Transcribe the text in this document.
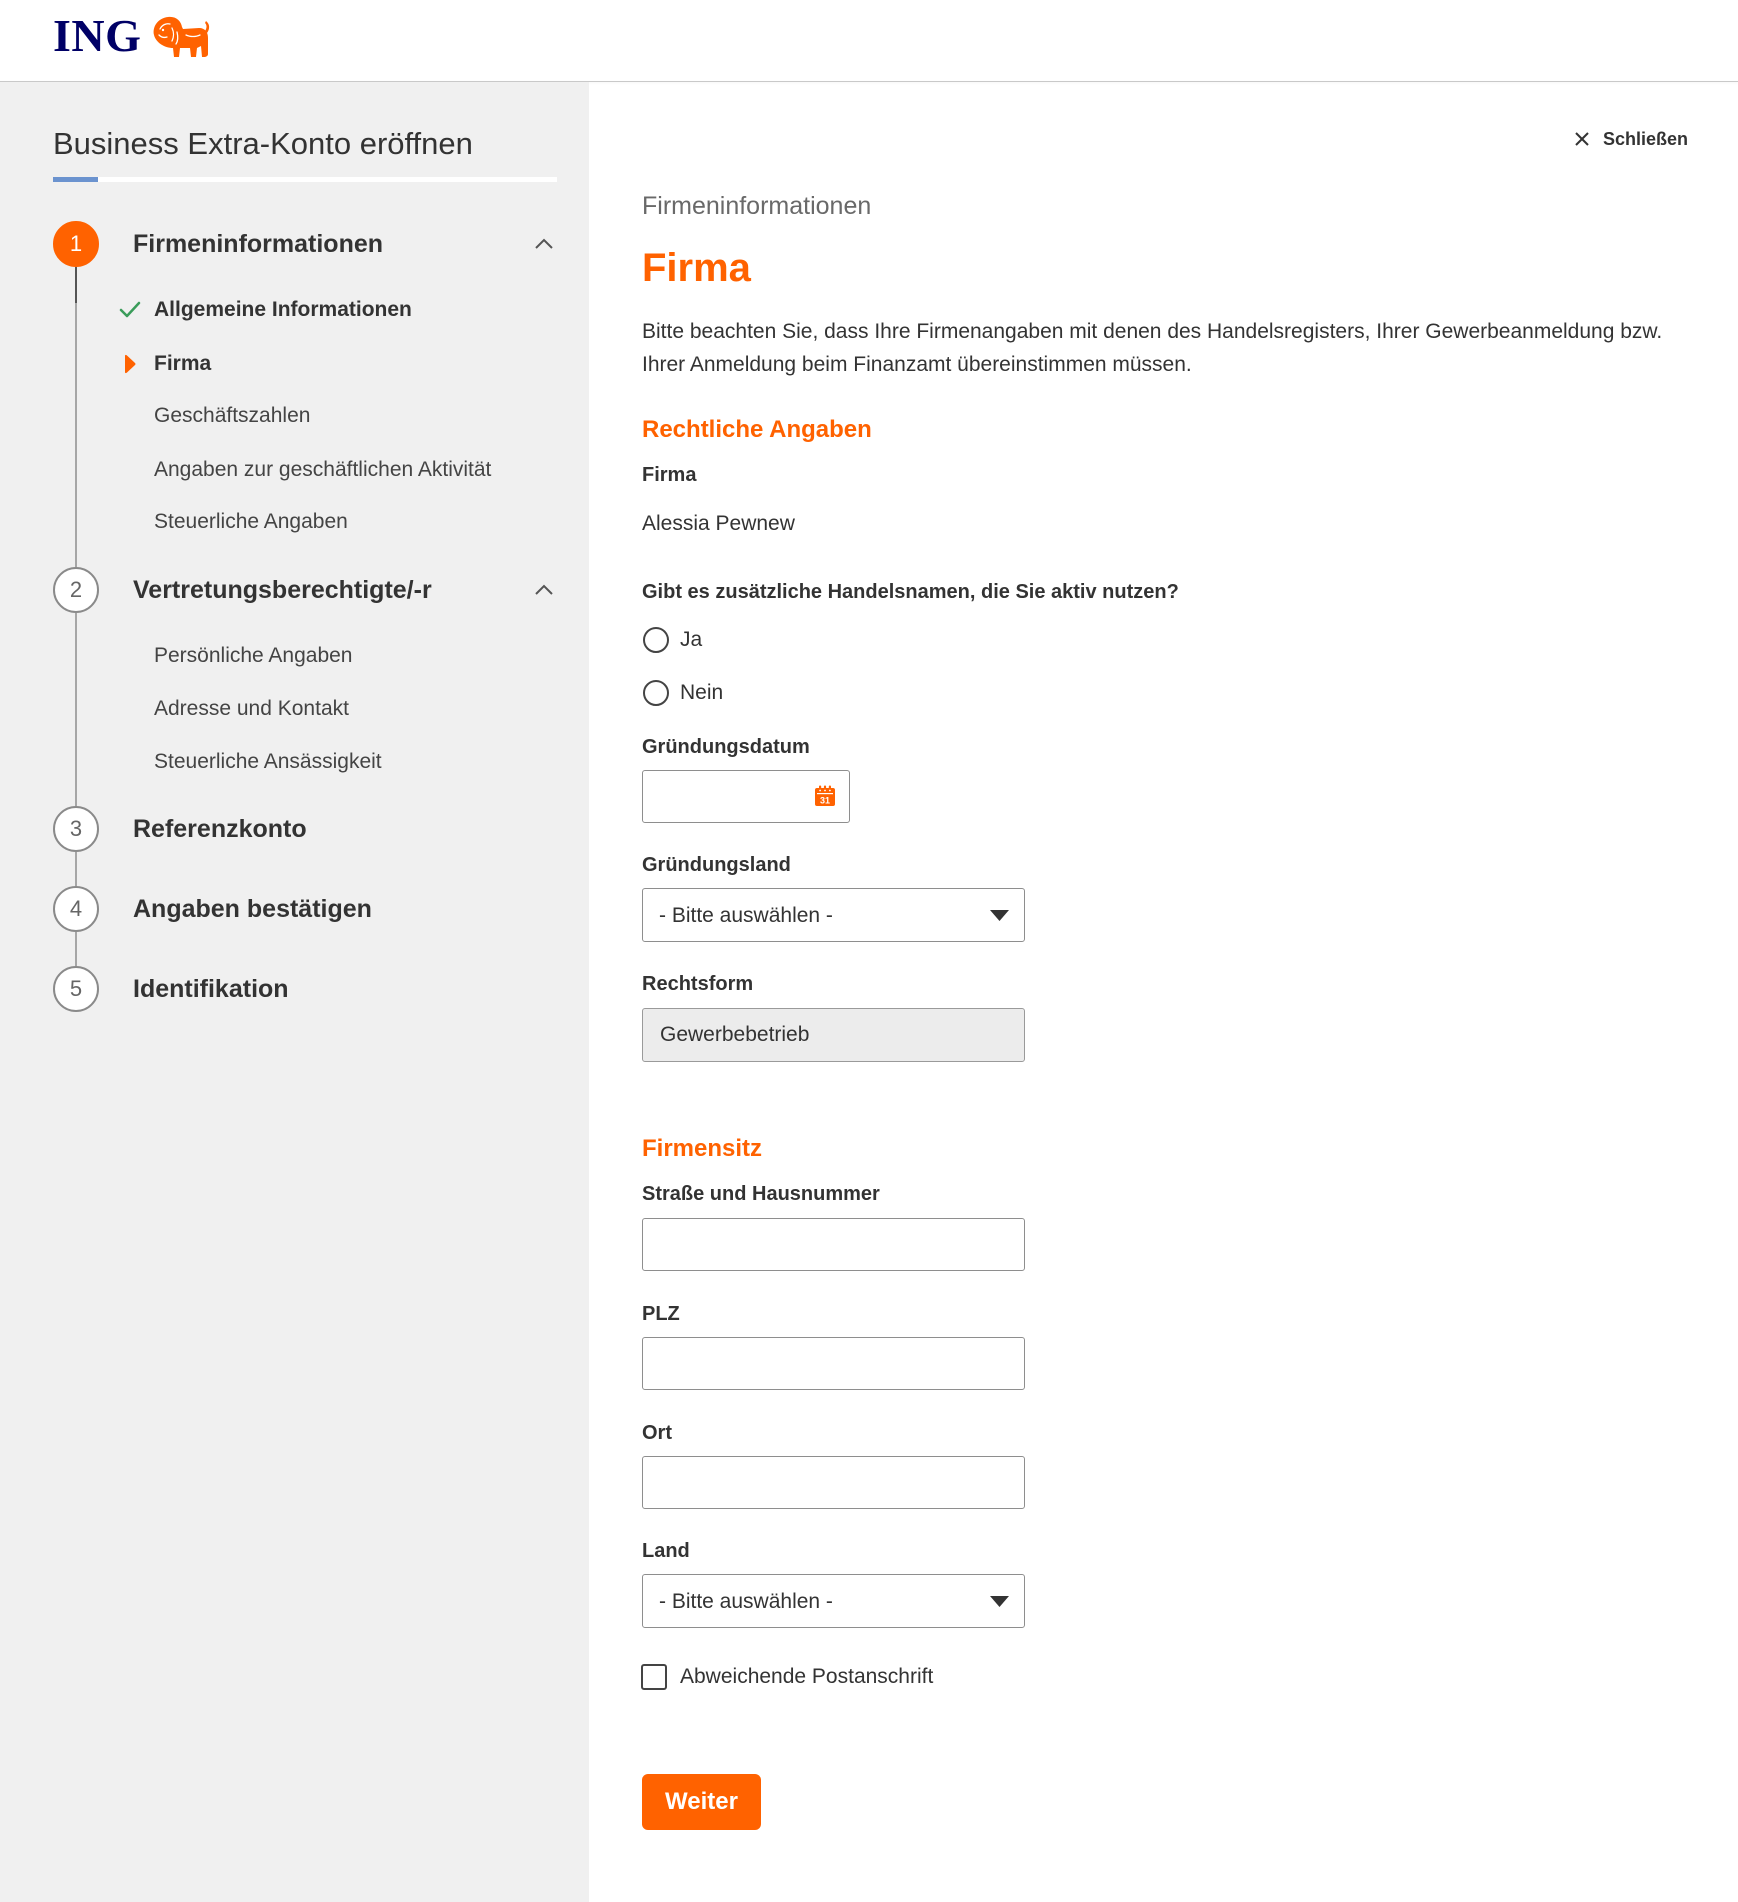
ING
Business Extra-Konto eröffnen
1	Firmeninformationen
Allgemeine Informationen
Firma
Geschäftszahlen
Angaben zur geschäftlichen Aktivität
Steuerliche Angaben
2	Vertretungsberechtigte/-r
Persönliche Angaben
Adresse und Kontakt
Steuerliche Ansässigkeit
3	Referenzkonto
4	Angaben bestätigen
5	Identifikation
Schließen
Firmeninformationen
Firma
Bitte beachten Sie, dass Ihre Firmenangaben mit denen des Handelsregisters, Ihrer Gewerbeanmeldung bzw.
Ihrer Anmeldung beim Finanzamt übereinstimmen müssen.
Rechtliche Angaben
Firma
Alessia Pewnew
Gibt es zusätzliche Handelsnamen, die Sie aktiv nutzen?
Ja
Nein
Gründungsdatum
31
Gründungsland
- Bitte auswählen -
Rechtsform
Gewerbebetrieb
Firmensitz
Straße und Hausnummer
PLZ
Ort
Land
- Bitte auswählen -
Abweichende Postanschrift
Weiter
